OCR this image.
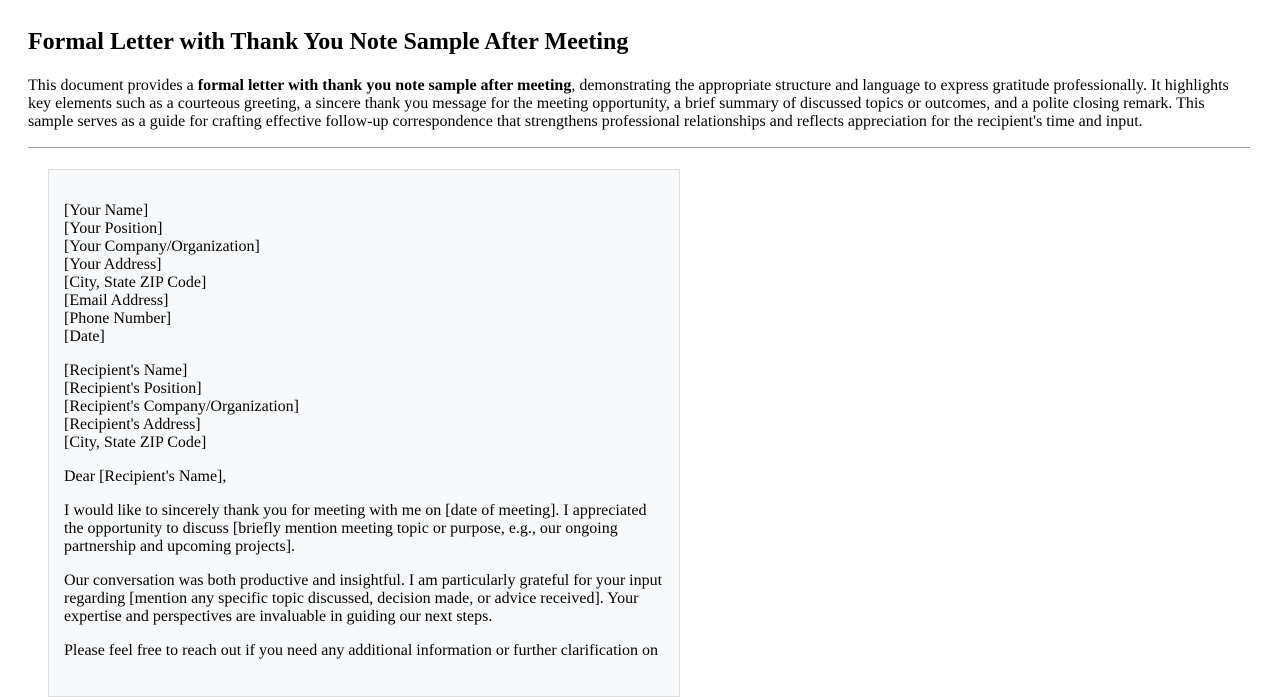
Formal Letter with Thank You Note Sample After Meeting

This document provides a formal letter with thank you note sample after meeting, demonstrating the appropriate structure and language to express gratitude professionally. It highlights key elements such as a courteous greeting, a sincere thank you message for the meeting opportunity, a brief summary of discussed topics or outcomes, and a polite closing remark. This sample serves as a guide for crafting effective follow-up correspondence that strengthens professional relationships and reflects appreciation for the recipient's time and input.

[Your Name]
[Your Position]
[Your Company/Organization]
[Your Address]
[City, State ZIP Code]
[Email Address]
[Phone Number]
[Date]
[Recipient's Name]
[Recipient's Position]
[Recipient's Company/Organization]
[Recipient's Address]
[City, State ZIP Code]
Dear [Recipient's Name],
I would like to sincerely thank you for meeting with me on [date of meeting]. I appreciated the opportunity to discuss [briefly mention meeting topic or purpose, e.g., our ongoing partnership and upcoming projects].
Our conversation was both productive and insightful. I am particularly grateful for your input regarding [mention any specific topic discussed, decision made, or advice received]. Your expertise and perspectives are invaluable in guiding our next steps.
Please feel free to reach out if you need any additional information or further clarification on
